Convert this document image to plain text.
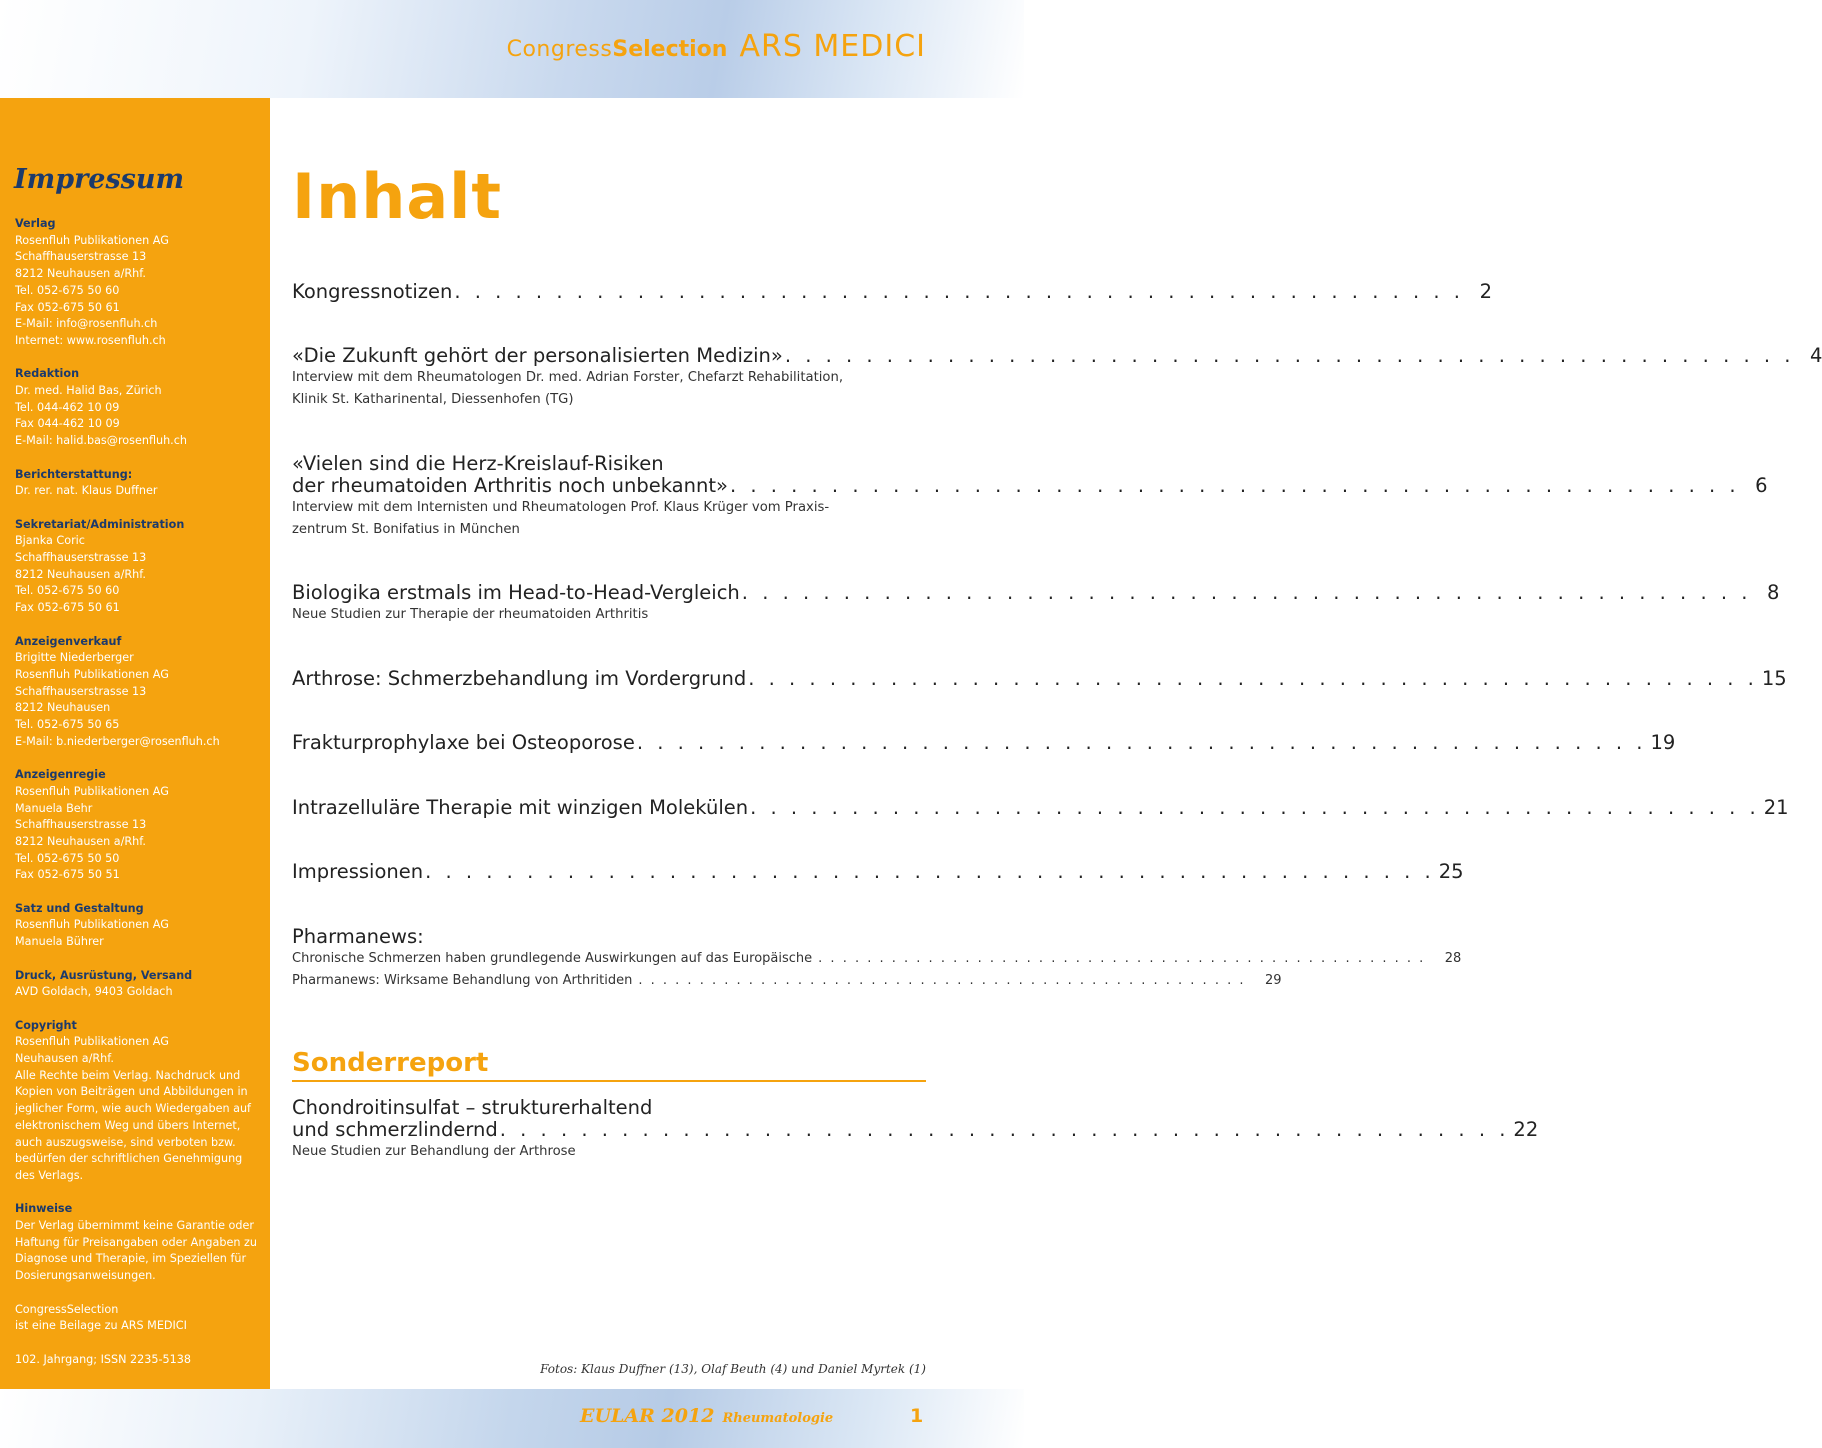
Congress Selection ARS MEDICI
Impressum
Verlag
Rosenfluh Publikationen AG
Schaffhauserstrasse 13
8212 Neuhausen a/Rhf.
Tel. 052-675 50 60
Fax 052-675 50 61
E-Mail: info@rosenfluh.ch
Internet: www.rosenfluh.ch
Redaktion
Dr. med. Halid Bas, Zürich
Tel. 044-462 10 09
Fax 044-462 10 09
E-Mail: halid.bas@rosenfluh.ch
Berichterstattung:
Dr. rer. nat. Klaus Duffner
Sekretariat/Administration
Bjanka Coric
Schaffhauserstrasse 13
8212 Neuhausen a/Rhf.
Tel. 052-675 50 60
Fax 052-675 50 61
Anzeigenverkauf
Brigitte Niederberger
Rosenfluh Publikationen AG
Schaffhauserstrasse 13
8212 Neuhausen
Tel. 052-675 50 65
E-Mail: b.niederberger@rosenfluh.ch
Anzeigenregie
Rosenfluh Publikationen AG
Manuela Behr
Schaffhauserstrasse 13
8212 Neuhausen a/Rhf.
Tel. 052-675 50 50
Fax 052-675 50 51
Satz und Gestaltung
Rosenfluh Publikationen AG
Manuela Bührer
Druck, Ausrüstung, Versand
AVD Goldach, 9403 Goldach
Copyright
Rosenfluh Publikationen AG
Neuhausen a/Rhf.
Alle Rechte beim Verlag. Nachdruck und Kopien von Beiträgen und Abbildungen in jeglicher Form, wie auch Wiedergaben auf elektronischem Weg und übers Internet, auch auszugsweise, sind verboten bzw. bedürfen der schriftlichen Genehmigung des Verlags.
Hinweise
Der Verlag übernimmt keine Garantie oder Haftung für Preisangaben oder Angaben zu Diagnose und Therapie, im Speziellen für Dosierungsanweisungen.
CongressSelection
ist eine Beilage zu ARS MEDICI
102. Jahrgang; ISSN 2235-5138
Inhalt
Kongressnotizen . . . . . . . . . . . . . . . . . . . . . . . . . . . . . . . . . . . . . . . . . . . . . . . . . . 2
«Die Zukunft gehört der personalisierten Medizin» . . . . . . . . . . . . . . . . . . . . . . . . . . . . . . . . . . . . . . . . . . . . . . . . . . 4
Interview mit dem Rheumatologen Dr. med. Adrian Forster, Chefarzt Rehabilitation,
Klinik St. Katharinental, Diessenhofen (TG)
«Vielen sind die Herz-Kreislauf-Risiken
der rheumatoiden Arthritis noch unbekannt» . . . . . . . . . . . . . . . . . . . . . . . . . . . . . . . . . . . . . . . . . . . . . . . . . . 6
Interview mit dem Internisten und Rheumatologen Prof. Klaus Krüger vom Praxis-
zentrum St. Bonifatius in München
Biologika erstmals im Head-to-Head-Vergleich . . . . . . . . . . . . . . . . . . . . . . . . . . . . . . . . . . . . . . . . . . . . . . . . . . 8
Neue Studien zur Therapie der rheumatoiden Arthritis
Arthrose: Schmerzbehandlung im Vordergrund . . . . . . . . . . . . . . . . . . . . . . . . . . . . . . . . . . . . . . . . . . . . . . . . . . 15
Frakturprophylaxe bei Osteoporose . . . . . . . . . . . . . . . . . . . . . . . . . . . . . . . . . . . . . . . . . . . . . . . . . . 19
Intrazelluläre Therapie mit winzigen Molekülen . . . . . . . . . . . . . . . . . . . . . . . . . . . . . . . . . . . . . . . . . . . . . . . . . . 21
Impressionen . . . . . . . . . . . . . . . . . . . . . . . . . . . . . . . . . . . . . . . . . . . . . . . . . . 25
Pharmanews:
Chronische Schmerzen haben grundlegende Auswirkungen auf das Europäische . . . . . . . . . . . . . . . . . . . . . . . . . . . . . . . . . . . . . . . . . . . . . . . . . .	28
Pharmanews: Wirksame Behandlung von Arthritiden . . . . . . . . . . . . . . . . . . . . . . . . . . . . . . . . . . . . . . . . . . . . . . . . . .	29
Sonderreport
Chondroitinsulfat – strukturerhaltend
und schmerzlindernd . . . . . . . . . . . . . . . . . . . . . . . . . . . . . . . . . . . . . . . . . . . . . . . . . . 22
Neue Studien zur Behandlung der Arthrose
Fotos: Klaus Duffner (13), Olaf Beuth (4) und Daniel Myrtek (1)
EULAR 2012 Rheumatologie	1
